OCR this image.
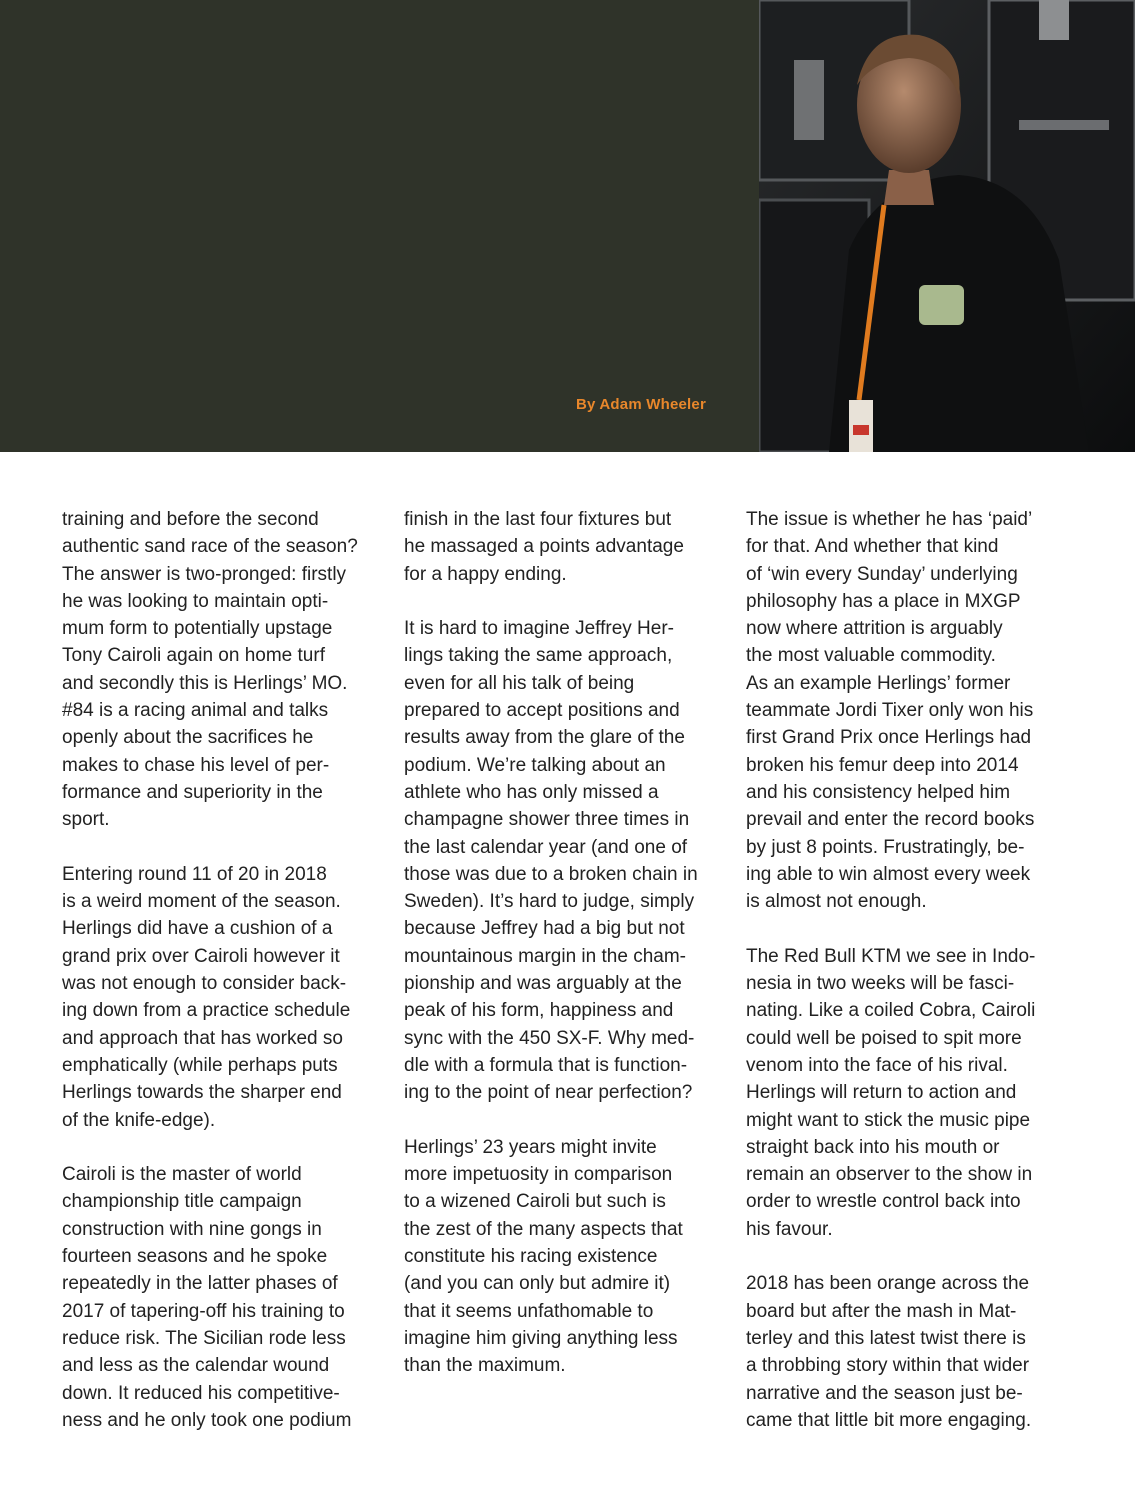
By Adam Wheeler

training and before the second
authentic sand race of the season?
The answer is two-pronged: firstly
he was looking to maintain opti-
mum form to potentially upstage
Tony Cairoli again on home turf
and secondly this is Herlings’ MO.
#84 is a racing animal and talks
openly about the sacrifices he
makes to chase his level of per-
formance and superiority in the
sport.

Entering round 11 of 20 in 2018
is a weird moment of the season.
Herlings did have a cushion of a
grand prix over Cairoli however it
was not enough to consider back-
ing down from a practice schedule
and approach that has worked so
emphatically (while perhaps puts
Herlings towards the sharper end
of the knife-edge).

Cairoli is the master of world
championship title campaign
construction with nine gongs in
fourteen seasons and he spoke
repeatedly in the latter phases of
2017 of tapering-off his training to
reduce risk. The Sicilian rode less
and less as the calendar wound
down. It reduced his competitive-
ness and he only took one podium

finish in the last four fixtures but
he massaged a points advantage
for a happy ending.

It is hard to imagine Jeffrey Her-
lings taking the same approach,
even for all his talk of being
prepared to accept positions and
results away from the glare of the
podium. We’re talking about an
athlete who has only missed a
champagne shower three times in
the last calendar year (and one of
those was due to a broken chain in
Sweden). It’s hard to judge, simply
because Jeffrey had a big but not
mountainous margin in the cham-
pionship and was arguably at the
peak of his form, happiness and
sync with the 450 SX-F. Why med-
dle with a formula that is function-
ing to the point of near perfection?

Herlings’ 23 years might invite
more impetuosity in comparison
to a wizened Cairoli but such is
the zest of the many aspects that
constitute his racing existence
(and you can only but admire it)
that it seems unfathomable to
imagine him giving anything less
than the maximum.

The issue is whether he has ‘paid’
for that. And whether that kind
of ‘win every Sunday’ underlying
philosophy has a place in MXGP
now where attrition is arguably
the most valuable commodity.
As an example Herlings’ former
teammate Jordi Tixer only won his
first Grand Prix once Herlings had
broken his femur deep into 2014
and his consistency helped him
prevail and enter the record books
by just 8 points. Frustratingly, be-
ing able to win almost every week
is almost not enough.

The Red Bull KTM we see in Indo-
nesia in two weeks will be fasci-
nating. Like a coiled Cobra, Cairoli
could well be poised to spit more
venom into the face of his rival.
Herlings will return to action and
might want to stick the music pipe
straight back into his mouth or
remain an observer to the show in
order to wrestle control back into
his favour.

2018 has been orange across the
board but after the mash in Mat-
terley and this latest twist there is
a throbbing story within that wider
narrative and the season just be-
came that little bit more engaging.
